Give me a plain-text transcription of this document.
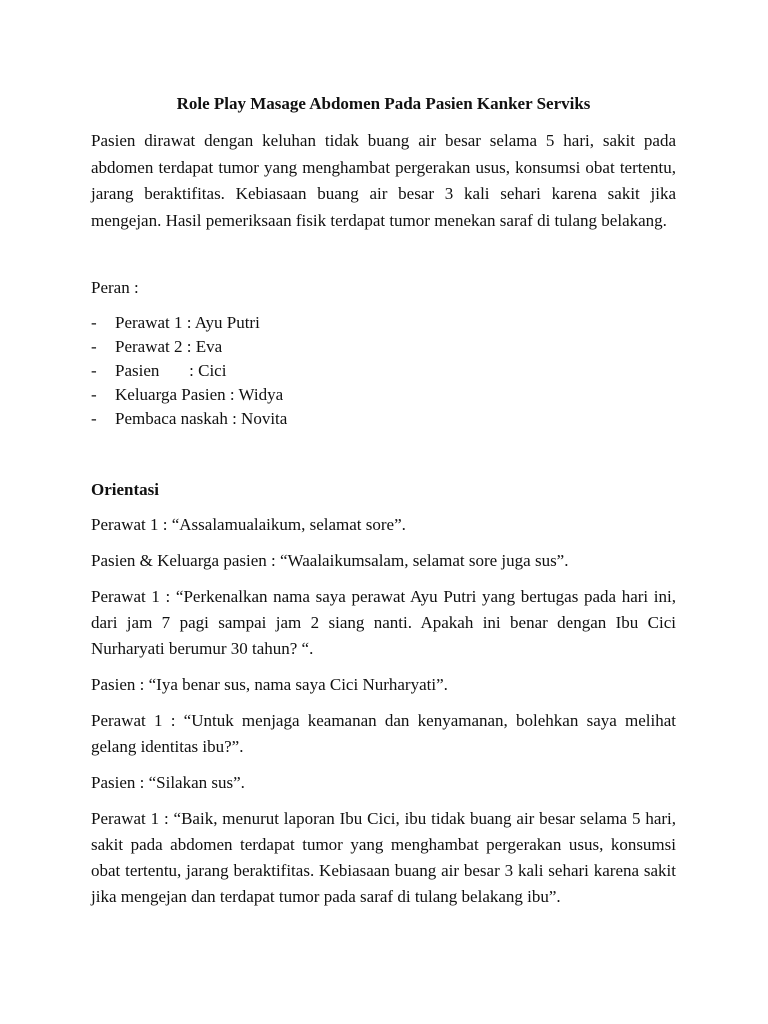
Role Play Masage Abdomen Pada Pasien Kanker Serviks

Pasien dirawat dengan keluhan tidak buang air besar selama 5 hari, sakit pada abdomen terdapat tumor yang menghambat pergerakan usus, konsumsi obat tertentu, jarang beraktifitas. Kebiasaan buang air besar 3 kali sehari karena sakit jika mengejan. Hasil pemeriksaan fisik terdapat tumor menekan saraf di tulang belakang.

Peran :

-	Perawat 1 : Ayu Putri
-	Perawat 2 : Eva
-	Pasien       : Cici
-	Keluarga Pasien : Widya
-	Pembaca naskah : Novita

Orientasi

Perawat 1 : “Assalamualaikum, selamat sore”.

Pasien & Keluarga pasien : “Waalaikumsalam, selamat sore juga sus”.

Perawat 1 : “Perkenalkan nama saya perawat Ayu Putri yang bertugas pada hari ini, dari jam 7 pagi sampai jam 2 siang nanti. Apakah ini benar dengan Ibu Cici Nurharyati berumur 30 tahun? “.

Pasien : “Iya benar sus, nama saya Cici Nurharyati”.

Perawat 1 : “Untuk menjaga keamanan dan kenyamanan, bolehkan saya melihat gelang identitas ibu?”.

Pasien : “Silakan sus”.

Perawat 1 : “Baik, menurut laporan Ibu Cici, ibu tidak buang air besar selama 5 hari, sakit pada abdomen terdapat tumor yang menghambat pergerakan usus, konsumsi obat tertentu, jarang beraktifitas. Kebiasaan buang air besar 3 kali sehari karena sakit jika mengejan dan terdapat tumor pada saraf di tulang belakang ibu”.
